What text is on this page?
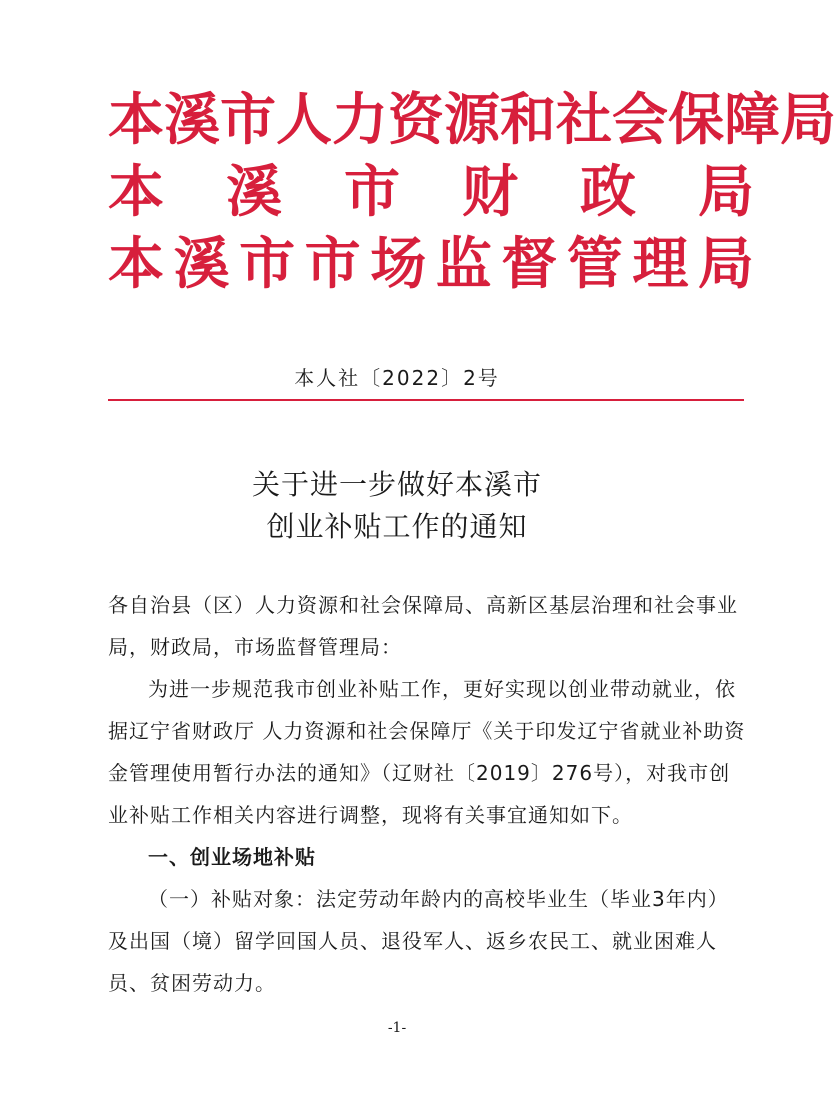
本 溪 市 人 力 资 源 和 社 会 保 障 局
本 溪 市 财 政 局
本 溪 市 市 场 监 督 管 理 局
本人社〔2022〕2号
关于进一步做好本溪市
创业补贴工作的通知
各自治县（区）人力资源和社会保障局、高新区基层治理和社会事业局，财政局，市场监督管理局：
为进一步规范我市创业补贴工作，更好实现以创业带动就业，依据辽宁省财政厅 人力资源和社会保障厅《关于印发辽宁省就业补助资金管理使用暂行办法的通知》（辽财社〔2019〕276号），对我市创业补贴工作相关内容进行调整，现将有关事宜通知如下。
一、创业场地补贴
（一）补贴对象：法定劳动年龄内的高校毕业生（毕业3年内）及出国（境）留学回国人员、退役军人、返乡农民工、就业困难人员、贫困劳动力。
-1-
